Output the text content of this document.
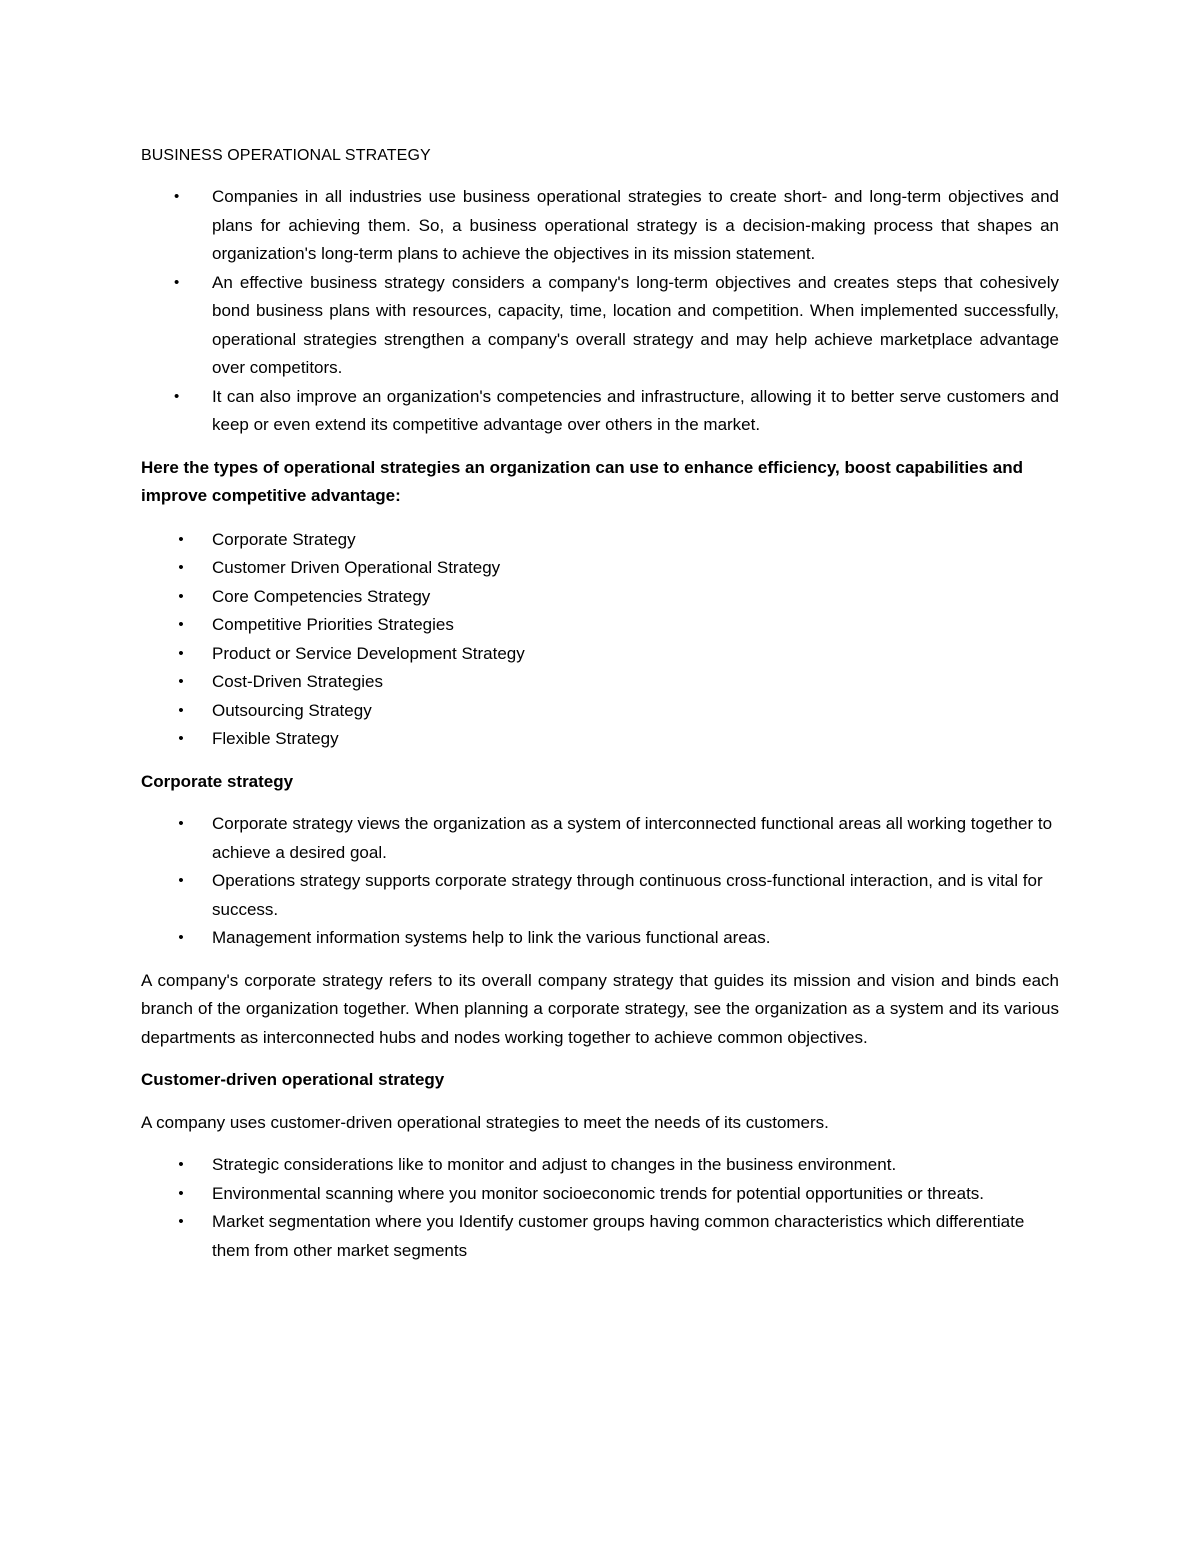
BUSINESS OPERATIONAL STRATEGY
•	Companies in all industries use business operational strategies to create short- and long-term objectives and plans for achieving them. So, a business operational strategy is a decision-making process that shapes an organization's long-term plans to achieve the objectives in its mission statement.
•	An effective business strategy considers a company's long-term objectives and creates steps that cohesively bond business plans with resources, capacity, time, location and competition. When implemented successfully, operational strategies strengthen a company's overall strategy and may help achieve marketplace advantage over competitors.
•	It can also improve an organization's competencies and infrastructure, allowing it to better serve customers and keep or even extend its competitive advantage over others in the market.

Here the types of operational strategies an organization can use to enhance efficiency, boost capabilities and improve competitive advantage:

• Corporate Strategy
• Customer Driven Operational Strategy
• Core Competencies Strategy
• Competitive Priorities Strategies
• Product or Service Development Strategy
• Cost-Driven Strategies
• Outsourcing Strategy
• Flexible Strategy

Corporate strategy

• Corporate strategy views the organization as a system of interconnected functional areas all working together to achieve a desired goal.
• Operations strategy supports corporate strategy through continuous cross-functional interaction, and is vital for success.
• Management information systems help to link the various functional areas.

A company's corporate strategy refers to its overall company strategy that guides its mission and vision and binds each branch of the organization together. When planning a corporate strategy, see the organization as a system and its various departments as interconnected hubs and nodes working together to achieve common objectives.

Customer-driven operational strategy

A company uses customer-driven operational strategies to meet the needs of its customers.

• Strategic considerations like to monitor and adjust to changes in the business environment.
• Environmental scanning where you monitor socioeconomic trends for potential opportunities or threats.
• Market segmentation where you Identify customer groups having common characteristics which differentiate them from other market segments
